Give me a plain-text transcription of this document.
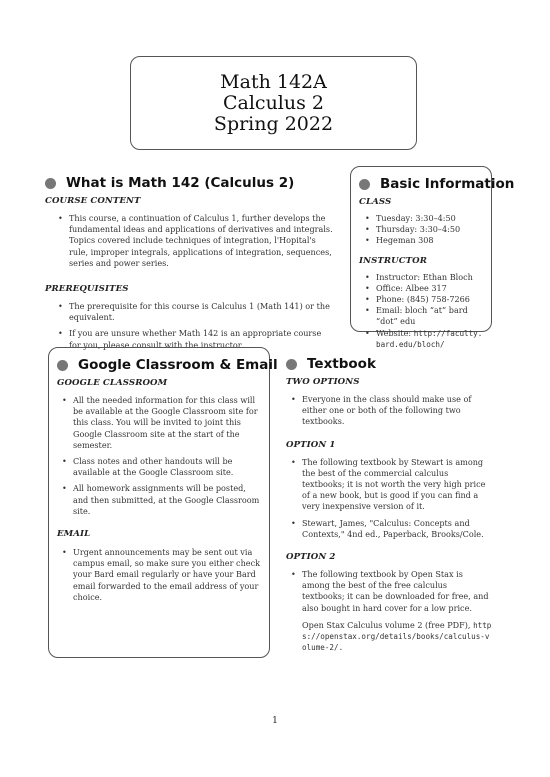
Math 142A
Calculus 2
Spring 2022
What is Math 142 (Calculus 2)
COURSE CONTENT
• This course, a continuation of Calculus 1, further develops the fundamental ideas and applications of derivatives and integrals. Topics covered include techniques of integration, l'Hopital's rule, improper integrals, applications of integration, sequences, series and power series.
PREREQUISITES
• The prerequisite for this course is Calculus 1 (Math 141) or the equivalent.
• If you are unsure whether Math 142 is an appropriate course for you, please consult with the instructor.
Basic Information
CLASS
• Tuesday: 3:30–4:50
• Thursday: 3:30–4:50
• Hegeman 308
INSTRUCTOR
• Instructor: Ethan Bloch
• Office: Albee 317
• Phone: (845) 758-7266
• Email: bloch “at” bard “dot” edu
• Website: http://faculty.bard.edu/bloch/
Google Classroom & Email
GOOGLE CLASSROOM
• All the needed information for this class will be available at the Google Classroom site for this class. You will be invited to joint this Google Classroom site at the start of the semester.
• Class notes and other handouts will be available at the Google Classroom site.
• All homework assignments will be posted, and then submitted, at the Google Classroom site.
EMAIL
• Urgent announcements may be sent out via campus email, so make sure you either check your Bard email regularly or have your Bard email forwarded to the email address of your choice.
Textbook
TWO OPTIONS
• Everyone in the class should make use of either one or both of the following two textbooks.
OPTION 1
• The following textbook by Stewart is among the best of the commercial calculus textbooks; it is not worth the very high price of a new book, but is good if you can find a very inexpensive version of it.
• Stewart, James, "Calculus: Concepts and Contexts," 4nd ed., Paperback, Brooks/Cole.
OPTION 2
• The following textbook by Open Stax is among the best of the free calculus textbooks; it can be downloaded for free, and also bought in hard cover for a low price.
Open Stax Calculus volume 2 (free PDF), https://openstax.org/details/books/calculus-volume-2/.
1
